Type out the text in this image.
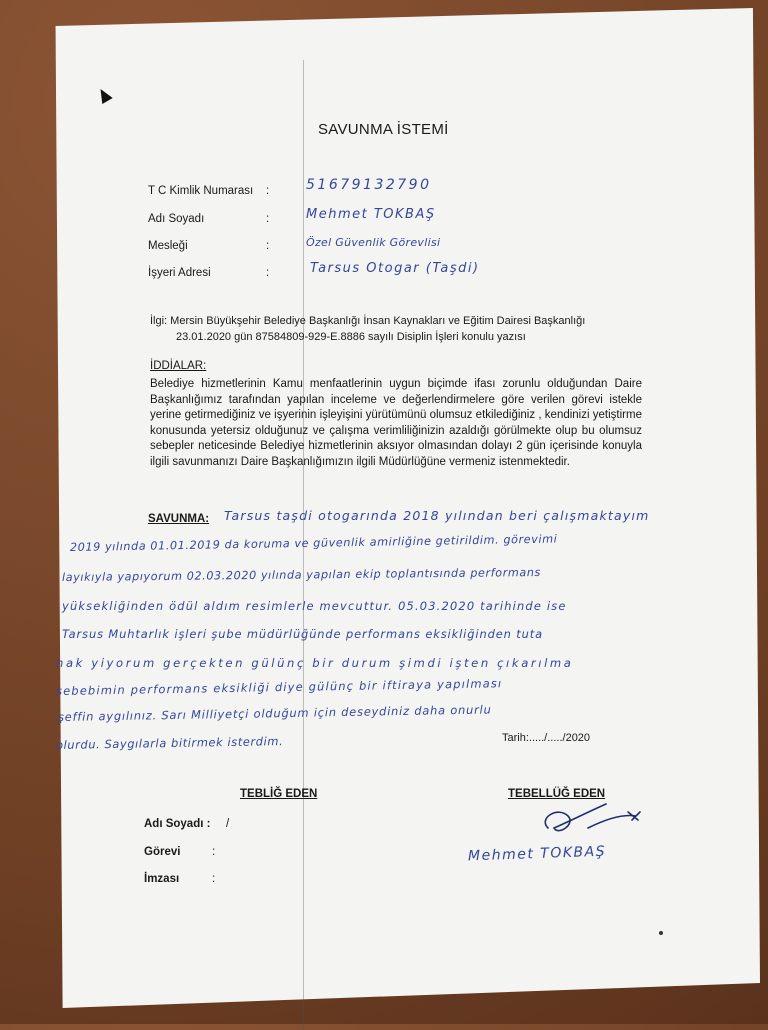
SAVUNMA İSTEMİ
T C Kimlik Numarası :	51679132790
Adı Soyadı	:	Mehmet TOKBAŞ
Mesleği	:	Özel Güvenlik Görevlisi
İşyeri Adresi	:	Tarsus Otogar (Taşdi)
İlgi: Mersin Büyükşehir Belediye Başkanlığı İnsan Kaynakları ve Eğitim Dairesi Başkanlığı
23.01.2020 gün 87584809-929-E.8886 sayılı Disiplin İşleri konulu yazısı
İDDİALAR:
Belediye hizmetlerinin Kamu menfaatlerinin uygun biçimde ifası zorunlu olduğundan Daire Başkanlığımız tarafından yapılan inceleme ve değerlendirmelere göre verilen görevi istekle yerine getirmediğiniz ve işyerinin işleyişini yürütümünü olumsuz etkilediğiniz , kendinizi yetiştirme konusunda yetersiz olduğunuz ve çalışma verimliliğinizin azaldığı görülmekte olup bu olumsuz sebepler neticesinde Belediye hizmetlerinin aksıyor olmasından dolayı 2 gün içerisinde konuyla ilgili savunmanızı Daire Başkanlığımızın ilgili Müdürlüğüne vermeniz istenmektedir.
SAVUNMA: Tarsus taşdi otogarında 2018 yılından beri çalışmaktayım
2019 yılında 01.01.2019 da koruma ve güvenlik amirliğine getirildim. görevimi
layıkıyla yapıyorum 02.03.2020 yılında yapılan ekip toplantısında performans
yüksekliğinden ödül aldım resimlerle mevcuttur. 05.03.2020 tarihinde ise
Tarsus Muhtarlık işleri şube müdürlüğünde performans eksikliğinden tuta
nak yiyorum gerçekten gülünç bir durum şimdi işten çıkarılma
sebebimin performans eksikliği diye gülünç bir iftiraya yapılması
şeffin aygılınız. Sarı Milliyetçi olduğum için deseydiniz daha onurlu
olurdu. Saygılarla bitirmek isterdim.	Tarih:...../...../2020
TEBLİĞ EDEN
Adı Soyadı : /
Görevi	:
İmzası	:
TEBELLÜĞ EDEN
Mehmet TOKBAŞ
